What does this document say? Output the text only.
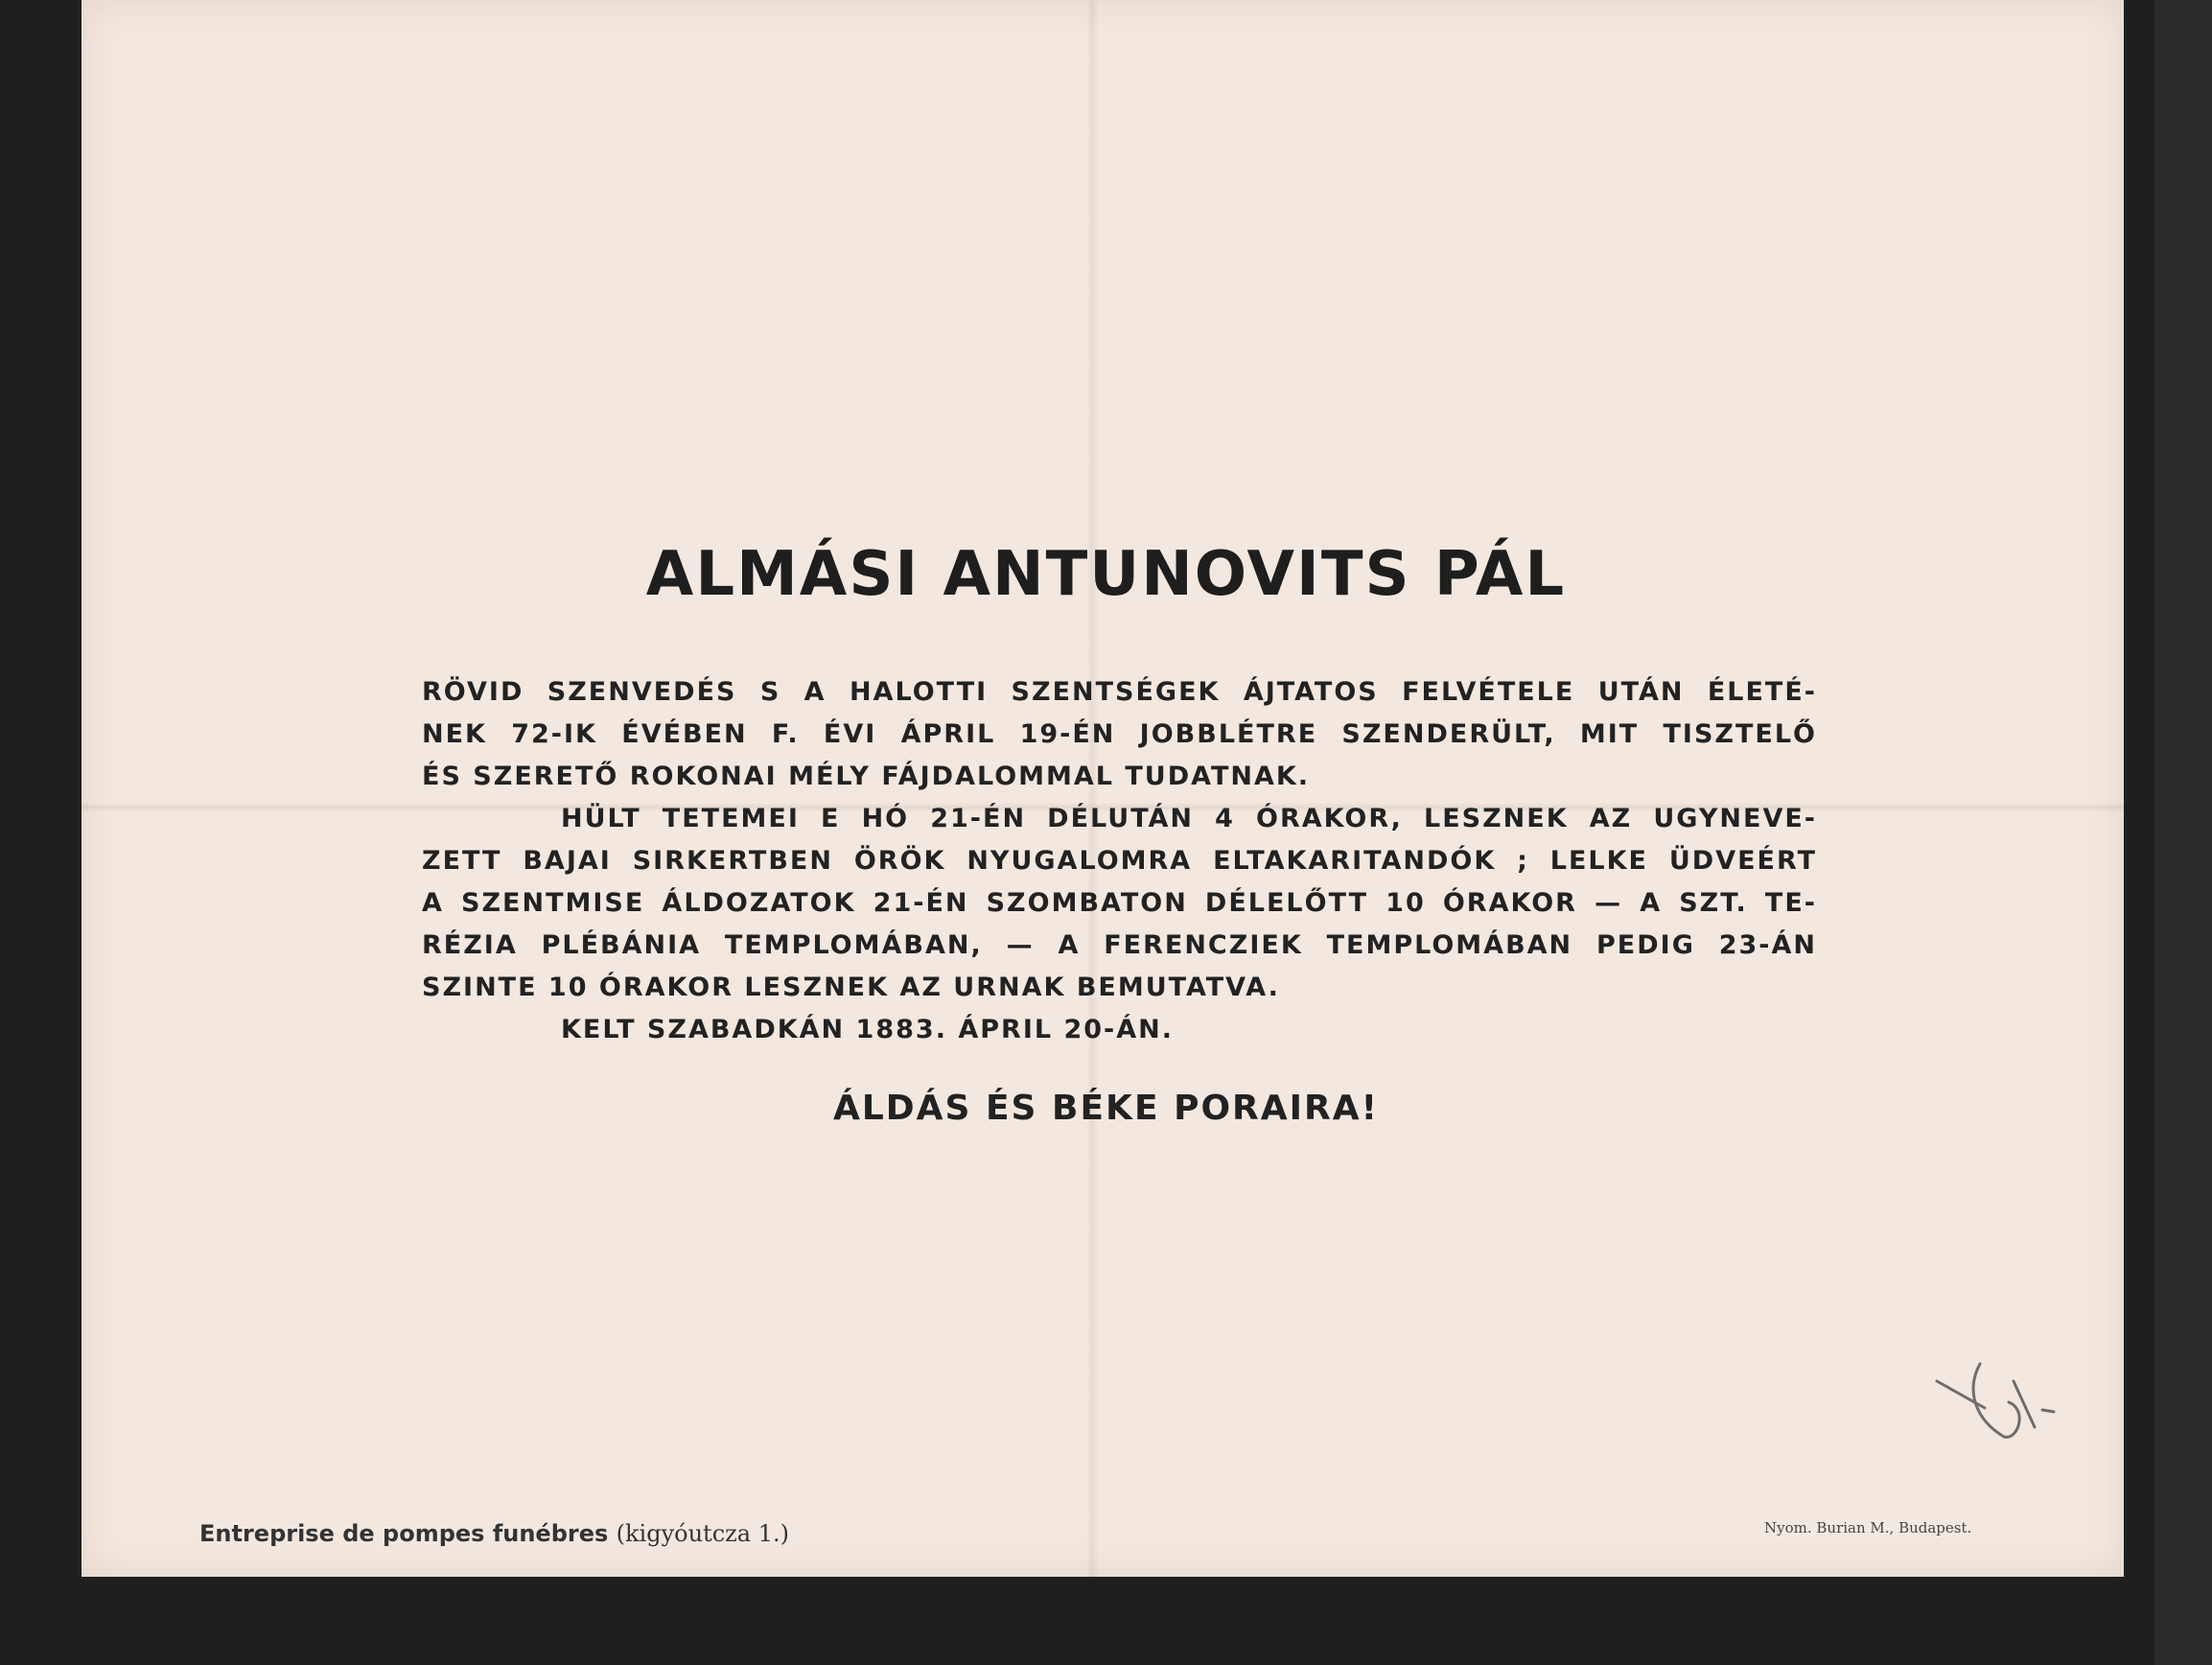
ALMÁSI ANTUNOVITS PÁL
RÖVID SZENVEDÉS S A HALOTTI SZENTSÉGEK ÁJTATOS FELVÉTELE UTÁN ÉLETÉ-
NEK 72-IK ÉVÉBEN F. ÉVI ÁPRIL 19-ÉN JOBBLÉTRE SZENDERÜLT, MIT TISZTELŐ
ÉS SZERETŐ ROKONAI MÉLY FÁJDALOMMAL TUDATNAK.
HÜLT TETEMEI E HÓ 21-ÉN DÉLUTÁN 4 ÓRAKOR, LESZNEK AZ UGYNEVE-
ZETT BAJAI SIRKERTBEN ÖRÖK NYUGALOMRA ELTAKARITANDÓK ; LELKE ÜDVEÉRT
A SZENTMISE ÁLDOZATOK 21-ÉN SZOMBATON DÉLELŐTT 10 ÓRAKOR — A SZT. TE-
RÉZIA PLÉBÁNIA TEMPLOMÁBAN, — A FERENCZIEK TEMPLOMÁBAN PEDIG 23-ÁN
SZINTE 10 ÓRAKOR LESZNEK AZ URNAK BEMUTATVA.
KELT SZABADKÁN 1883. ÁPRIL 20-ÁN.
ÁLDÁS ÉS BÉKE PORAIRA!
Entreprise de pompes funébres (kigyóutcza 1.)	Nyom. Burian M., Budapest.
